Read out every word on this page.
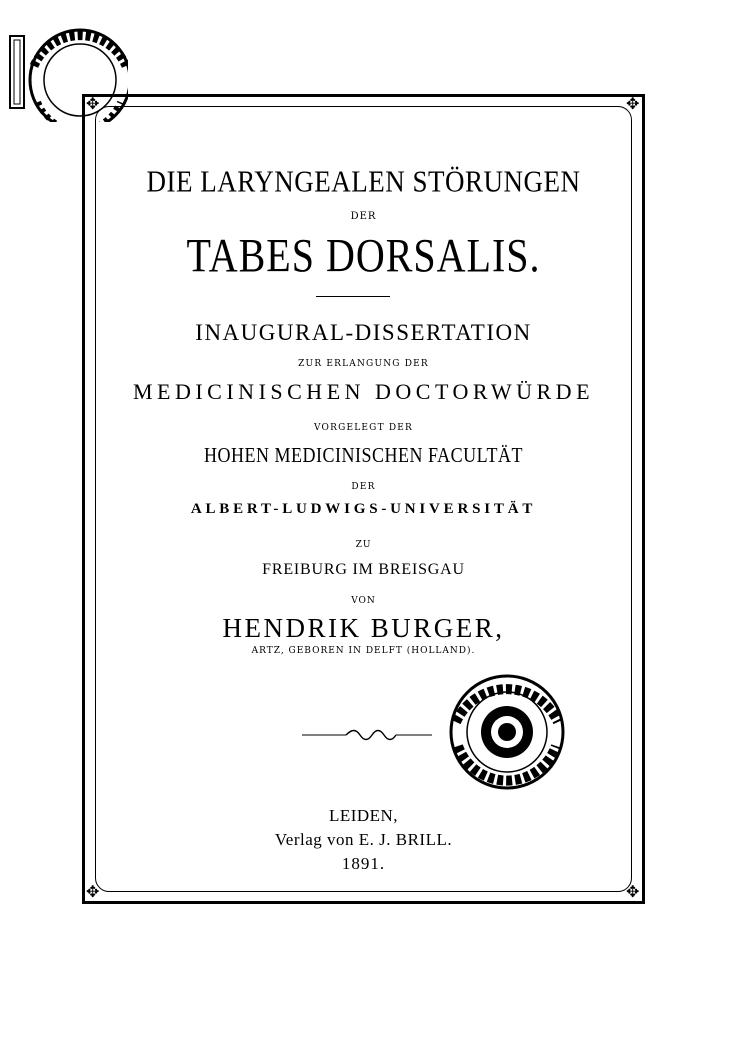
✥	✥
✥	✥
DIE LARYNGEALEN STÖRUNGEN
DER
TABES DORSALIS.
INAUGURAL-DISSERTATION
ZUR ERLANGUNG DER
MEDICINISCHEN DOCTORWÜRDE
VORGELEGT DER
HOHEN MEDICINISCHEN FACULTÄT
DER
ALBERT-LUDWIGS-UNIVERSITÄT
ZU
FREIBURG IM BREISGAU
VON
HENDRIK BURGER,
ARTZ, GEBOREN IN DELFT (HOLLAND).
LEIDEN,
Verlag von E. J. BRILL.
1891.
